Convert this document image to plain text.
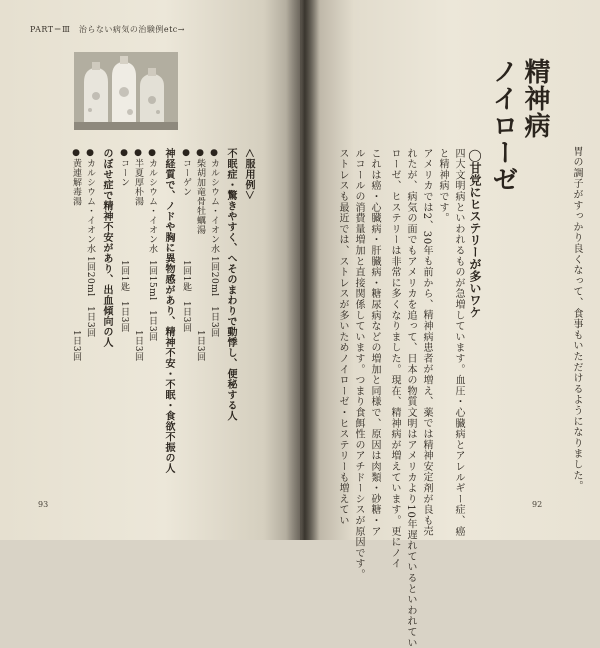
PART＝Ⅲ　治らない病気の治験例etc→
＜服用例＞
不眠症・驚きやすく、へそのまわりで動悸し、便秘する人
●カルシウム・イオン水
●柴胡加竜骨牡蠣湯
●コーゲン
神経質で、ノドや胸に異物感があり、精神不安・不眠・食欲不振の人
●カルシウム・イオン水
●半夏厚朴湯
●コーン
のぼせ症で精神不安があり、出血傾向の人
●カルシウム・イオン水
●黄連解毒湯
1回20ml　1日3回
1日3回
1回1匙　1日3回
1回15ml　1日3回
1日3回
1回1匙　1日3回
1回20ml　1日3回
1日3回
93
胃の調子がすっかり良くなって、食事もいただけるようになりました。
精神病
ノイローゼ
◯甘党にヒステリーが多いワケ
四大文明病といわれるものが急増しています。血圧・心臓病とアレルギー症、癌
と精神病です。
アメリカでは2、30年も前から、精神病患者が増え、薬では精神安定剤が良も売
れたが、病気の面でもアメリカを追って、日本の物質文明はアメリカより10年遅れているといわれてい
ローゼ、ヒステリーは非常に多くなりました。現在、精神病が増えています。更にノイ
これは癌・心臓病・肝臓病・糖尿病などの増加と同様で、原因は肉類・砂糖・ア
ルコールの消費量増加と直接関係しています。つまり食餌性のアチドーシスが原因です。
ストレスも最近では、ストレスが多いためノイローゼ・ヒステリーも増えてい	92
